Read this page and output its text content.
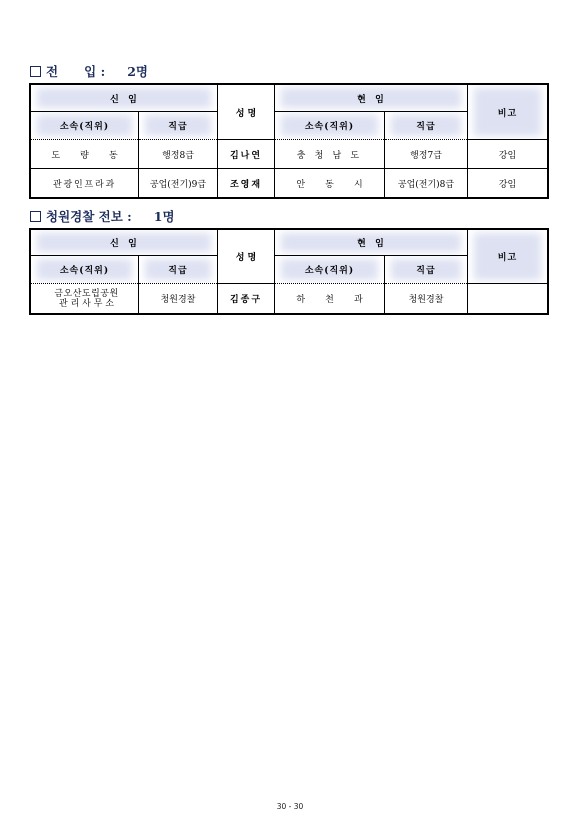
전      입 : 2명
신  임		성 명	현  임		비고

소속(직위)	직급		소속(직위)	직급	
도  량  동	행정8급	김나연	충 청 남 도	행정7급	강임
관광인프라과	공업(전기)9급	조영재	안  동  시	공업(전기)8급	강임
청원경찰 전보 : 1명
신  임		성 명	현  임		비고

소속(직위)	직급		소속(직위)	직급	

금오산도립공원
관 리 사 무 소	청원경찰	김종구	하  천  과	청원경찰	
30 - 30
